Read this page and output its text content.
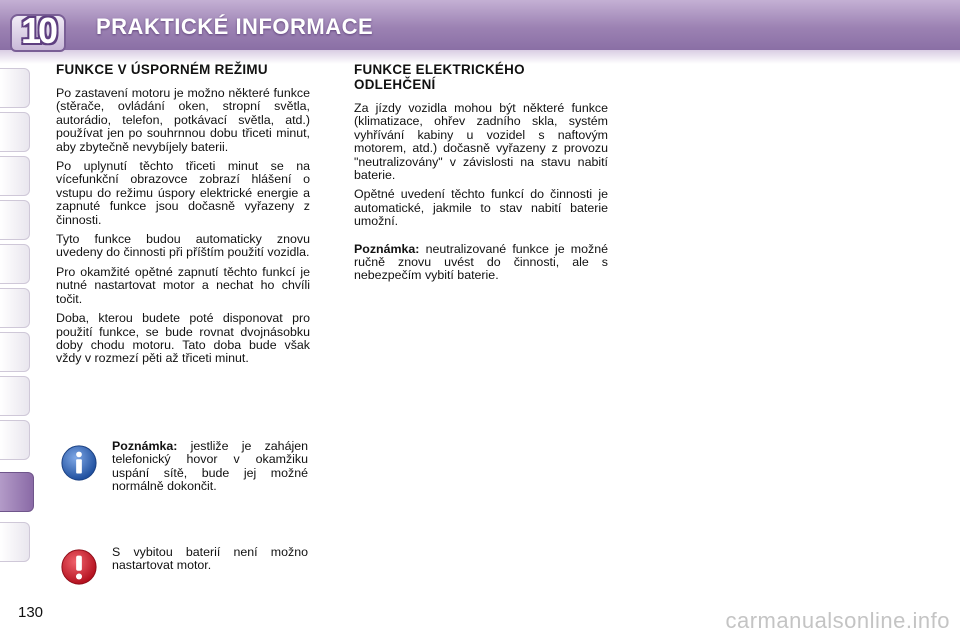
10	PRAKTICKÉ INFORMACE
FUNKCE V ÚSPORNÉM REŽIMU

Po zastavení motoru je možno některé funkce (stěrače, ovládání oken, stropní světla, autorádio, telefon, potkávací světla, atd.) používat jen po souhrnnou dobu třiceti minut, aby zbytečně nevybíjely baterii.

Po uplynutí těchto třiceti minut se na vícefunkční obrazovce zobrazí hlášení o vstupu do režimu úspory elektrické energie a zapnuté funkce jsou dočasně vyřazeny z činnosti.

Tyto funkce budou automaticky znovu uvedeny do činnosti při příštím použití vozidla.

Pro okamžité opětné zapnutí těchto funkcí je nutné nastartovat motor a nechat ho chvíli točit.

Doba, kterou budete poté disponovat pro použití funkce, se bude rovnat dvojnásobku doby chodu motoru. Tato doba bude však vždy v rozmezí pěti až třiceti minut.

Poznámka: jestliže je zahájen telefonický hovor v okamžiku uspání sítě, bude jej možné normálně dokončit.
S vybitou baterií není možno nastartovat motor.
FUNKCE ELEKTRICKÉHO ODLEHČENÍ

Za jízdy vozidla mohou být některé funkce (klimatizace, ohřev zadního skla, systém vyhřívání kabiny u vozidel s naftovým motorem, atd.) dočasně vyřazeny z provozu "neutralizovány" v závislosti na stavu nabití baterie.

Opětné uvedení těchto funkcí do činnosti je automatické, jakmile to stav nabití baterie umožní.

Poznámka: neutralizované funkce je možné ručně znovu uvést do činnosti, ale s nebezpečím vybití baterie.

130	carmanualsonline.info
